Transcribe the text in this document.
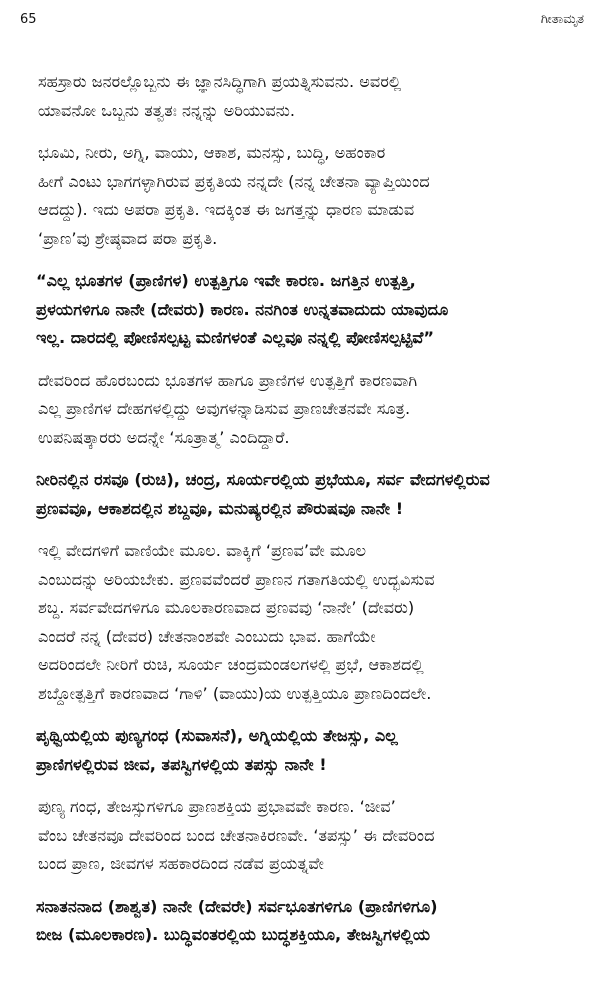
65	ಗೀತಾಮೃತ
ಸಹಸ್ರಾರು ಜನರಲ್ಲೊಬ್ಬನು ಈ ಜ್ಞಾನಸಿದ್ಧಿಗಾಗಿ ಪ್ರಯತ್ನಿಸುವನು. ಅವರಲ್ಲಿ
ಯಾವನೋ ಒಬ್ಬನು ತತ್ವತಃ ನನ್ನನ್ನು ಅರಿಯುವನು.
ಭೂಮಿ, ನೀರು, ಅಗ್ನಿ, ವಾಯು, ಆಕಾಶ, ಮನಸ್ಸು, ಬುದ್ಧಿ, ಅಹಂಕಾರ
ಹೀಗೆ ಎಂಟು ಭಾಗಗಳ್ಳಾಗಿರುವ ಪ್ರಕೃತಿಯ ನನ್ನದೇ (ನನ್ನ ಚೇತನಾ ವ್ಯಾಪ್ತಿಯಿಂದ
ಆದದ್ದು). ಇದು ಅಪರಾ ಪ್ರಕೃತಿ. ಇದಕ್ಕಿಂತ ಈ ಜಗತ್ತನ್ನು ಧಾರಣ ಮಾಡುವ
‘ಪ್ರಾಣ’ವು ಶ್ರೇಷ್ಠವಾದ ಪರಾ ಪ್ರಕೃತಿ.
“ಎಲ್ಲ ಭೂತಗಳ (ಪ್ರಾಣಿಗಳ) ಉತ್ಪತ್ತಿಗೂ ಇವೇ ಕಾರಣ. ಜಗತ್ತಿನ ಉತ್ಪತ್ತಿ,
ಪ್ರಳಯಗಳಿಗೂ ನಾನೇ (ದೇವರು) ಕಾರಣ. ನನಗಿಂತ ಉನ್ನತವಾದುದು ಯಾವುದೂ
ಇಲ್ಲ. ದಾರದಲ್ಲಿ ಪೋಣಿಸಲ್ಪಟ್ಟ ಮಣಿಗಳಂತೆ ಎಲ್ಲವೂ ನನ್ನಲ್ಲಿ ಪೋಣಿಸಲ್ಪಟ್ಟಿವೆ”
ದೇವರಿಂದ ಹೊರಬಂದು ಭೂತಗಳ ಹಾಗೂ ಪ್ರಾಣಿಗಳ ಉತ್ಪತ್ತಿಗೆ ಕಾರಣವಾಗಿ
ಎಲ್ಲ ಪ್ರಾಣಿಗಳ ದೇಹಗಳಲ್ಲಿದ್ದು ಅವುಗಳನ್ನಾಡಿಸುವ ಪ್ರಾಣಚೇತನವೇ ಸೂತ್ರ.
ಉಪನಿಷತ್ಕಾರರು ಅದನ್ನೇ ‘ಸೂತ್ರಾತ್ಮ’ ಎಂದಿದ್ದಾರೆ.
ನೀರಿನಲ್ಲಿನ ರಸವೂ (ರುಚಿ), ಚಂದ್ರ, ಸೂರ್ಯರಲ್ಲಿಯ ಪ್ರಭೆಯೂ, ಸರ್ವ ವೇದಗಳಲ್ಲಿರುವ
ಪ್ರಣವವೂ, ಆಕಾಶದಲ್ಲಿನ ಶಬ್ದವೂ, ಮನುಷ್ಯರಲ್ಲಿನ ಪೌರುಷವೂ ನಾನೇ !
ಇಲ್ಲಿ ವೇದಗಳಿಗೆ ವಾಣಿಯೇ ಮೂಲ. ವಾಕ್ಕಿಗೆ ‘ಪ್ರಣವ’ವೇ ಮೂಲ
ಎಂಬುದನ್ನು ಅರಿಯಬೇಕು. ಪ್ರಣವವೆಂದರೆ ಪ್ರಾಣನ ಗತಾಗತಿಯಲ್ಲಿ ಉದ್ಭವಿಸುವ
ಶಬ್ದ. ಸರ್ವವೇದಗಳಿಗೂ ಮೂಲಕಾರಣವಾದ ಪ್ರಣವವು ‘ನಾನೇ’ (ದೇವರು)
ಎಂದರೆ ನನ್ನ (ದೇವರ) ಚೇತನಾಂಶವೇ ಎಂಬುದು ಭಾವ. ಹಾಗೆಯೇ
ಅದರಿಂದಲೇ ನೀರಿಗೆ ರುಚಿ, ಸೂರ್ಯ ಚಂದ್ರಮಂಡಲಗಳಲ್ಲಿ ಪ್ರಭೆ, ಆಕಾಶದಲ್ಲಿ
ಶಬ್ದೋತ್ಪತ್ತಿಗೆ ಕಾರಣವಾದ ‘ಗಾಳಿ’ (ವಾಯು)ಯ ಉತ್ಪತ್ತಿಯೂ ಪ್ರಾಣದಿಂದಲೇ.
ಪೃಥ್ವಿಯಲ್ಲಿಯ ಪುಣ್ಯಗಂಧ (ಸುವಾಸನೆ), ಅಗ್ನಿಯಲ್ಲಿಯ ತೇಜಸ್ಸು, ಎಲ್ಲ
ಪ್ರಾಣಿಗಳಲ್ಲಿರುವ ಜೀವ, ತಪಸ್ವಿಗಳಲ್ಲಿಯ ತಪಸ್ಸು ನಾನೇ !
ಪುಣ್ಯ ಗಂಧ, ತೇಜಸ್ಸುಗಳಿಗೂ ಪ್ರಾಣಶಕ್ತಿಯ ಪ್ರಭಾವವೇ ಕಾರಣ. ‘ಜೀವ’
ವೆಂಬ ಚೇತನವೂ ದೇವರಿಂದ ಬಂದ ಚೇತನಾಕಿರಣವೇ. ‘ತಪಸ್ಸು’ ಈ ದೇವರಿಂದ
ಬಂದ ಪ್ರಾಣ, ಜೀವಗಳ ಸಹಕಾರದಿಂದ ನಡೆವ ಪ್ರಯತ್ನವೇ
ಸನಾತನನಾದ (ಶಾಶ್ವತ) ನಾನೇ (ದೇವರೇ) ಸರ್ವಭೂತಗಳಿಗೂ (ಪ್ರಾಣಿಗಳಿಗೂ)
ಬೀಜ (ಮೂಲಕಾರಣ). ಬುದ್ಧಿವಂತರಲ್ಲಿಯ ಬುದ್ಧಶಕ್ತಿಯೂ, ತೇಜಸ್ವಿಗಳಲ್ಲಿಯ
